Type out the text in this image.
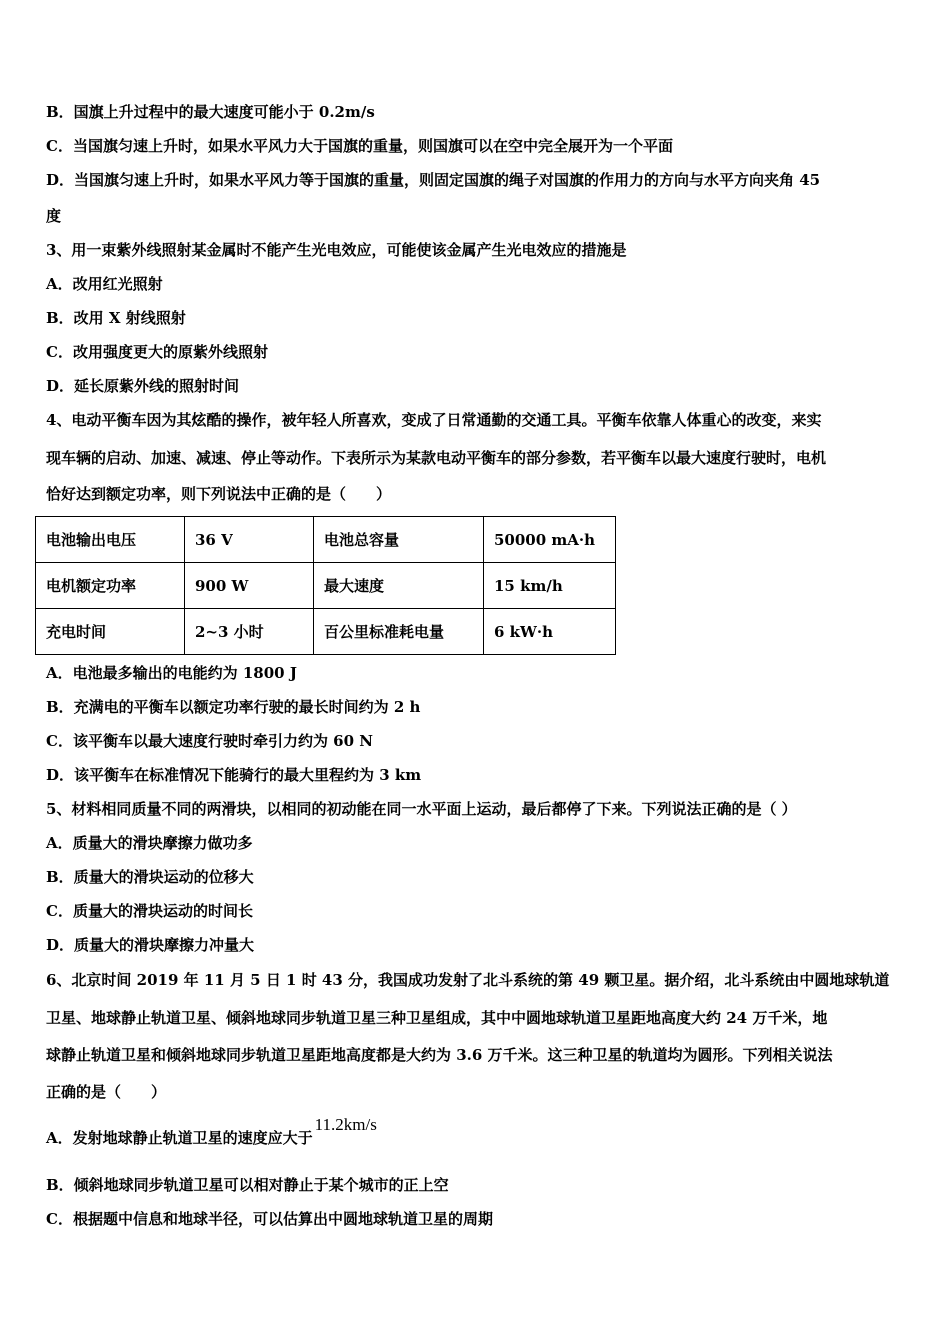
B．国旗上升过程中的最大速度可能小于 0.2m/s
C．当国旗匀速上升时，如果水平风力大于国旗的重量，则国旗可以在空中完全展开为一个平面
D．当国旗匀速上升时，如果水平风力等于国旗的重量，则固定国旗的绳子对国旗的作用力的方向与水平方向夹角 45
度
3、用一束紫外线照射某金属时不能产生光电效应，可能使该金属产生光电效应的措施是
A．改用红光照射
B．改用 X 射线照射
C．改用强度更大的原紫外线照射
D．延长原紫外线的照射时间
4、电动平衡车因为其炫酷的操作，被年轻人所喜欢，变成了日常通勤的交通工具。平衡车依靠人体重心的改变，来实
现车辆的启动、加速、减速、停止等动作。下表所示为某款电动平衡车的部分参数，若平衡车以最大速度行驶时，电机
恰好达到额定功率，则下列说法中正确的是（　　）
电池输出电压	36 V	电池总容量	50000 mA·h
电机额定功率	900 W	最大速度	15 km/h
充电时间	2~3 小时	百公里标准耗电量	6 kW·h
A．电池最多输出的电能约为 1800 J
B．充满电的平衡车以额定功率行驶的最长时间约为 2 h
C．该平衡车以最大速度行驶时牵引力约为 60 N
D．该平衡车在标准情况下能骑行的最大里程约为 3 km
5、材料相同质量不同的两滑块，以相同的初动能在同一水平面上运动，最后都停了下来。下列说法正确的是（ ）
A．质量大的滑块摩擦力做功多
B．质量大的滑块运动的位移大
C．质量大的滑块运动的时间长
D．质量大的滑块摩擦力冲量大
6、北京时间 2019 年 11 月 5 日 1 时 43 分，我国成功发射了北斗系统的第 49 颗卫星。据介绍，北斗系统由中圆地球轨道
卫星、地球静止轨道卫星、倾斜地球同步轨道卫星三种卫星组成，其中中圆地球轨道卫星距地高度大约 24 万千米，地
球静止轨道卫星和倾斜地球同步轨道卫星距地高度都是大约为 3.6 万千米。这三种卫星的轨道均为圆形。下列相关说法
正确的是（　　）
A．发射地球静止轨道卫星的速度应大于11.2km/s
B．倾斜地球同步轨道卫星可以相对静止于某个城市的正上空
C．根据题中信息和地球半径，可以估算出中圆地球轨道卫星的周期
